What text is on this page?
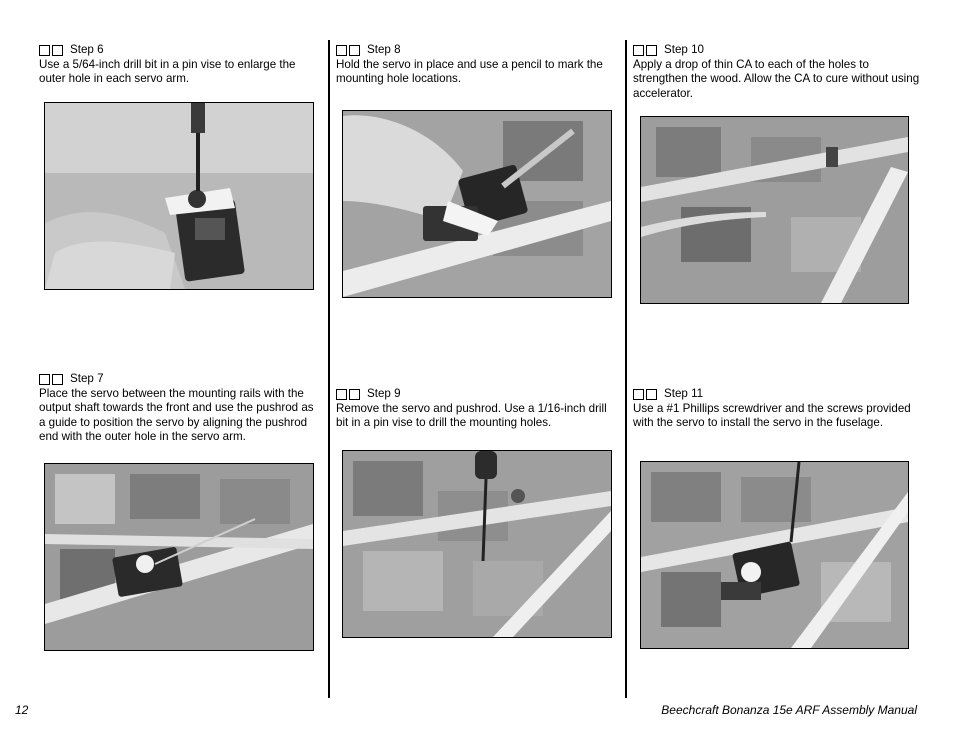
Step 6

Use a 5/64-inch drill bit in a pin vise to enlarge the outer hole in each servo arm.

Step 7

Place the servo between the mounting rails with the output shaft towards the front and use the pushrod as a guide to position the servo by aligning the pushrod end with the outer hole in the servo arm.

Step 8

Hold the servo in place and use a pencil to mark the mounting hole locations.

Step 9

Remove the servo and pushrod. Use a 1/16-inch drill bit in a pin vise to drill the mounting holes.

Step 10

Apply a drop of thin CA to each of the holes to strengthen the wood. Allow the CA to cure without using accelerator.

Step 11

Use a #1 Phillips screwdriver and the screws provided with the servo to install the servo in the fuselage.

12	Beechcraft Bonanza 15e ARF Assembly Manual
